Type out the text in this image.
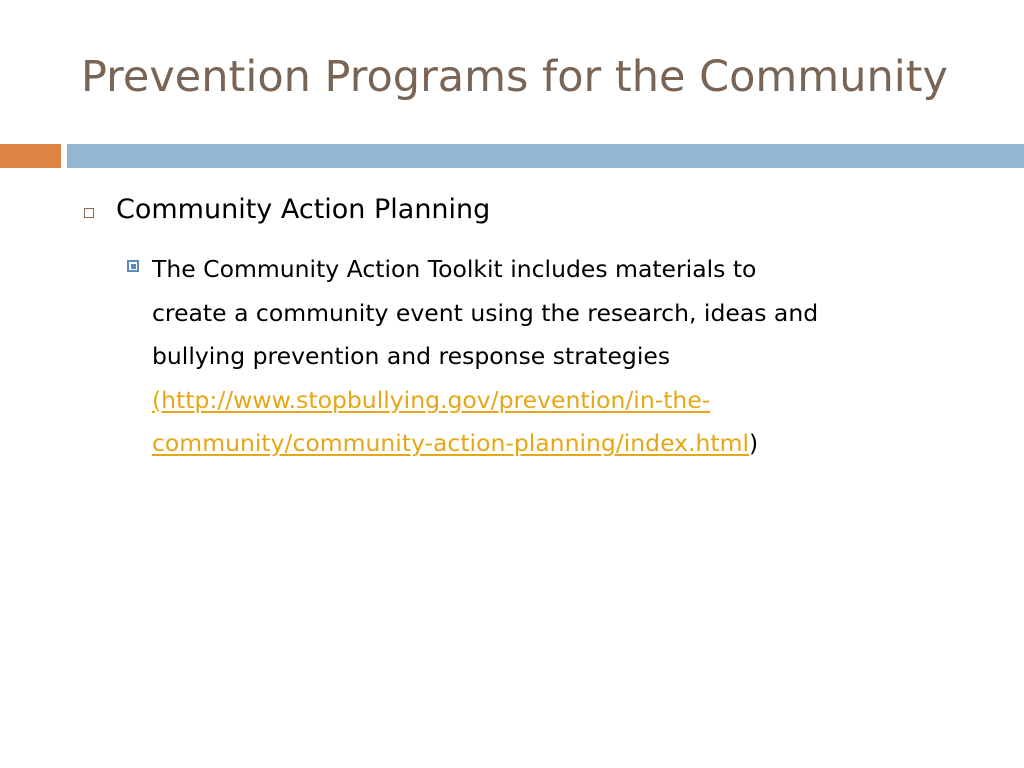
Prevention Programs for the Community
Community Action Planning
The Community Action Toolkit includes materials to
create a community event using the research, ideas and
bullying prevention and response strategies
(http://www.stopbullying.gov/prevention/in-the-
community/community-action-planning/index.html)
